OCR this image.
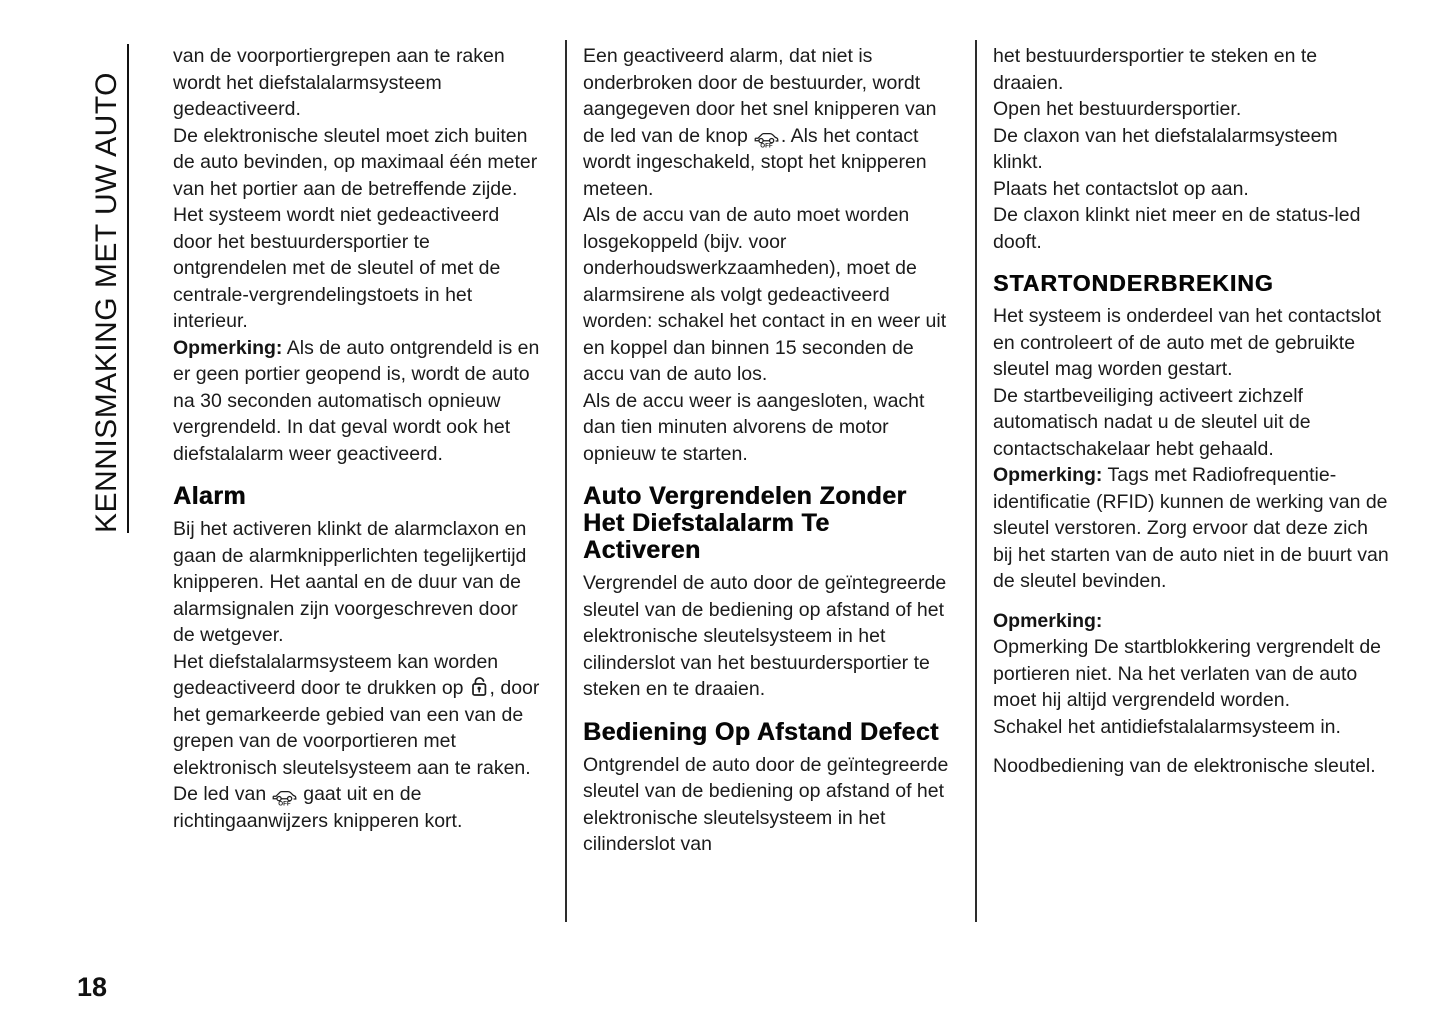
KENNISMAKING MET UW AUTO

van de voorportiergrepen aan te raken wordt het diefstalalarmsysteem gedeactiveerd.

De elektronische sleutel moet zich buiten de auto bevinden, op maximaal één meter van het portier aan de betreffende zijde.

Het systeem wordt niet gedeactiveerd door het bestuurdersportier te ontgrendelen met de sleutel of met de centrale-vergrendelingstoets in het interieur.

Opmerking: Als de auto ontgrendeld is en er geen portier geopend is, wordt de auto na 30 seconden automatisch opnieuw vergrendeld. In dat geval wordt ook het diefstalalarm weer geactiveerd.

Alarm

Bij het activeren klinkt de alarmclaxon en gaan de alarmknipperlichten tegelijkertijd knipperen. Het aantal en de duur van de alarmsignalen zijn voorgeschreven door de wetgever.

Het diefstalalarmsysteem kan worden gedeactiveerd door te drukken op , door het gemarkeerde gebied van een van de grepen van de voorportieren met elektronisch sleutelsysteem aan te raken. De led van OFF gaat uit en de richtingaanwijzers knipperen kort.

Een geactiveerd alarm, dat niet is onderbroken door de bestuurder, wordt aangegeven door het snel knipperen van de led van de knop OFF . Als het contact wordt ingeschakeld, stopt het knipperen meteen.

Als de accu van de auto moet worden losgekoppeld (bijv. voor onderhoudswerkzaamheden), moet de alarmsirene als volgt gedeactiveerd worden: schakel het contact in en weer uit en koppel dan binnen 15 seconden de accu van de auto los.

Als de accu weer is aangesloten, wacht dan tien minuten alvorens de motor opnieuw te starten.

Auto Vergrendelen Zonder Het Diefstalalarm Te Activeren

Vergrendel de auto door de geïntegreerde sleutel van de bediening op afstand of het elektronische sleutelsysteem in het cilinderslot van het bestuurdersportier te steken en te draaien.

Bediening Op Afstand Defect

Ontgrendel de auto door de geïntegreerde sleutel van de bediening op afstand of het elektronische sleutelsysteem in het cilinderslot van

het bestuurdersportier te steken en te draaien.

Open het bestuurdersportier.

De claxon van het diefstalalarmsysteem klinkt.

Plaats het contactslot op aan.

De claxon klinkt niet meer en de status-led dooft.

STARTONDERBREKING

Het systeem is onderdeel van het contactslot en controleert of de auto met de gebruikte sleutel mag worden gestart.

De startbeveiliging activeert zichzelf automatisch nadat u de sleutel uit de contactschakelaar hebt gehaald.

Opmerking: Tags met Radiofrequentie-identificatie (RFID) kunnen de werking van de sleutel verstoren. Zorg ervoor dat deze zich bij het starten van de auto niet in de buurt van de sleutel bevinden.

Opmerking:
Opmerking De startblokkering vergrendelt de portieren niet. Na het verlaten van de auto moet hij altijd vergrendeld worden.
Schakel het antidiefstalalarmsysteem in.

Noodbediening van de elektronische sleutel.

18
